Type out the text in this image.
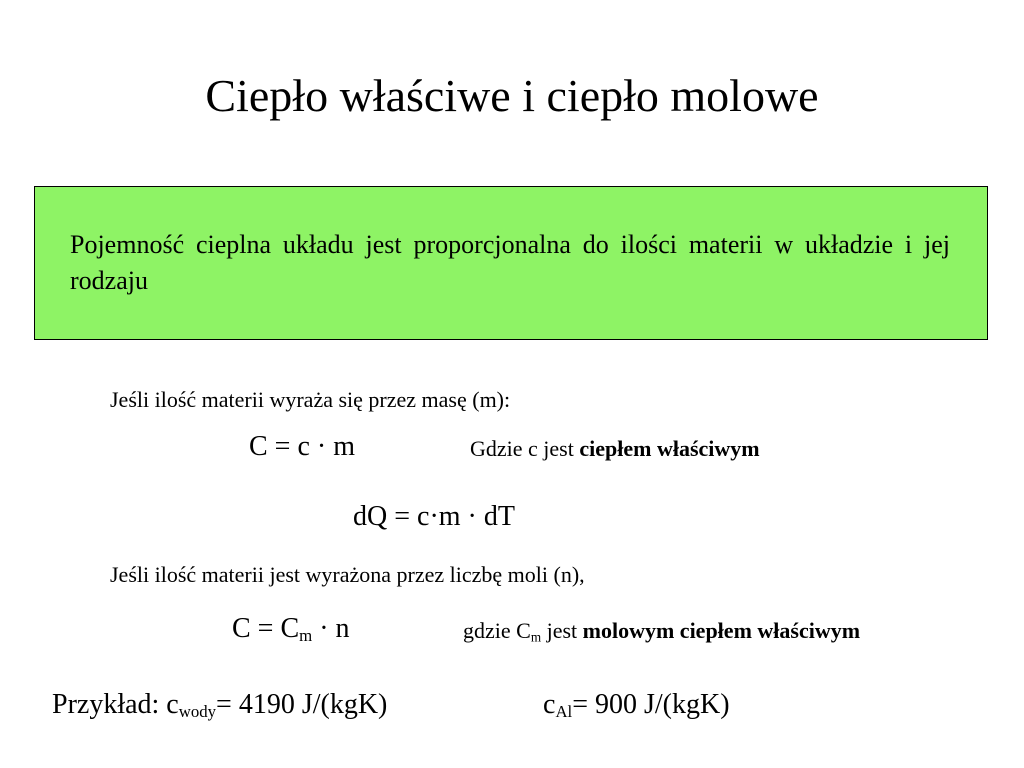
Ciepło właściwe i ciepło molowe
Pojemność cieplna układu jest proporcjonalna do ilości materii w układzie i jej rodzaju
Jeśli ilość materii wyraża się przez masę (m):
C = c · m	Gdzie c jest ciepłem właściwym
dQ = c·m · dT
Jeśli ilość materii jest wyrażona przez liczbę moli (n),
$C = C_m \cdot n$	gdzie $C_m$ jest molowym ciepłem właściwym
Przykład: $c_{wody}= 4190$ J/(kgK)	$c_{Al}= 900$ J/(kgK)
